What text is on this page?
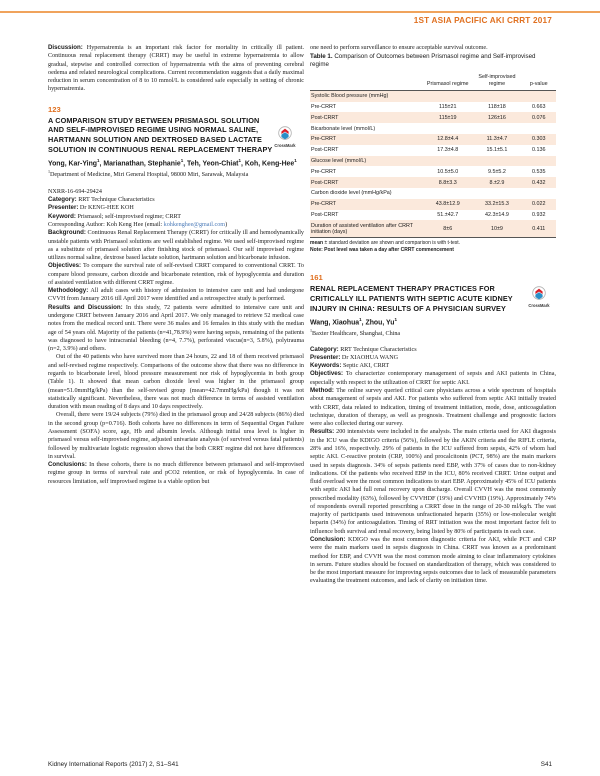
1ST ASIA PACIFIC AKI CRRT 2017

Discussion: Hypernatremia is an important risk factor for mortality in critically ill patient. Continuous renal replacement therapy (CRRT) may be useful in extreme hypernatremia to allow gradual, stepwise and controlled correction of hypernatremia with the aims of preventing cerebral oedema and related neurological complications. Current recommendation suggests that a daily maximal reduction in serum concentration of 8 to 10 mmol/L is considered safe especially in setting of chronic hypernatremia.

123
A COMPARISON STUDY BETWEEN PRISMASOL SOLUTION AND SELF-IMPROVISED REGIME USING NORMAL SALINE, HARTMANN SOLUTION AND DEXTROSED BASED LACTATE SOLUTION IN CONTINUOUS RENAL REPLACEMENT THERAPY CrossMark
Yong, Kar-Ying$^1$, Marianathan, Stephanie$^1$, Teh, Yeon-Chiat$^1$, Koh, Keng-Hee$^1$
$^1$Department of Medicine, Miri General Hospital, 98000 Miri, Sarawak, Malaysia
NXRR-16-694-29424
Category: RRT Technique Characteristics
Presenter: Dr KENG-HEE KOH
Keyword: Prismasol; self-improvised regime; CRRT
Corresponding Author: Koh Keng Hee (email: kohkenghee@gmail.com)

Background: Continuous Renal Replacement Therapy (CRRT) for critically ill and hemodynamically unstable patients with Prismasol solutions are well established regime. We used self-improvised regime as a substitute of prismasol solution after finishing stock of prismasol. Our self improvised regime utilizes normal saline, dextrose based lactate solution, hartmann solution and bicarbonate infusion.

Objectives: To compare the survival rate of self-revised CRRT compared to conventional CRRT. To compare blood pressure, carbon dioxide and bicarbonate retention, risk of hypoglycemia and duration of assisted ventilation with different CRRT regime.

Methodology: All adult cases with history of admission to intensive care unit and had undergone CVVH from January 2016 till April 2017 were identified and a retrospective study is performed.

Results and Discussion: In this study, 72 patients were admitted to intensive care unit and undergone CRRT between January 2016 and April 2017. We only managed to retrieve 52 medical case notes from the medical record unit. There were 36 males and 16 females in this study with the median age of 54 years old. Majority of the patients (n=41,78.9%) were having sepsis, remaining of the patients was diagnosed to have intracranial bleeding (n=4, 7.7%), perforated viscus(n=3, 5.8%), polytrauma (n=2, 3.9%) and others.

Out of the 40 patients who have survived more than 24 hours, 22 and 18 of them received prismasol and self-revised regime respectively. Comparisons of the outcome show that there was no difference in regards to bicarbonate level, blood pressure measurement nor risk of hypoglycemia in both group (Table 1). It showed that mean carbon dioxide level was higher in the prismasol group (mean=51.0mmHg/kPa) than the self-revised group (mean=42.7mmHg/kPa) though it was not statistically significant. Nevertheless, there was not much difference in terms of assisted ventilation duration with mean reading of 8 days and 10 days respectively.

Overall, there were 19/24 subjects (79%) died in the prismasol group and 24/28 subjects (86%) died in the second group (p=0.716). Both cohorts have no differences in term of Sequential Organ Failure Assessment (SOFA) score, age, Hb and albumin levels. Although initial urea level is higher in prismasol versus self-improvised regime, adjusted univariate analysis (of survived versus fatal patients) followed by multivariate logistic regression shows that the both CRRT regime did not have differences in survival.

Conclusions: In these cohorts, there is no much difference between prismasol and self-improvised regime group in terms of survival rate and pCO2 retention, or risk of hypoglycemia. In case of resources limitation, self improvised regime is a viable option but

one need to perform surveillance to ensure acceptable survival outcome.

Table 1. Comparison of Outcomes between Prismasol regime and Self-improvised regime
	Prismasol regime	Self-improvised regime	p-value
Systolic Blood pressure (mmHg)			
Pre-CRRT	115±21	118±18	0.663
Post-CRRT	115±19	126±16	0.076
Bicarbonate level (mmol/L)			
Pre-CRRT	12.8±4.4	11.3±4.7	0.303
Post-CRRT	17.3±4.8	15.1±5.1	0.136
Glucose level (mmol/L)			
Pre-CRRT	10.5±5.0	9.5±5.2	0.535
Post-CRRT	8.8±3.3	8.±2.9	0.432
Carbon dioxide level (mmHg/kPa)			
Pre-CRRT	43.8±12.9	33.2±15.3	0.022
Post-CRRT	51.±42.7	42.3±14.9	0.932
Duration of assisted ventilation after CRRT initiation (days)	8±6	10±9	0.411
mean ± standard deviation are shown and comparison is with t-test.
Note: Post level was taken a day after CRRT commencement
161
RENAL REPLACEMENT THERAPY PRACTICES FOR CRITICALLY ILL PATIENTS WITH SEPTIC ACUTE KIDNEY INJURY IN CHINA: RESULTS OF A PHYSICIAN SURVEY	CrossMark
Wang, Xiaohua$^1$, Zhou, Yu$^1$
$^1$Baxter Healthcare, Shanghai, China
Category: RRT Technique Characteristics
Presenter: Dr XIAOHUA WANG
Keywords: Septic AKI, CRRT

Objectives: To characterize contemporary management of sepsis and AKI patients in China, especially with respect to the utilization of CRRT for septic AKI.

Method: The online survey queried critical care physicians across a wide spectrum of hospitals about management of sepsis and AKI. For patients who suffered from septic AKI initially treated with CRRT, data related to indication, timing of treatment initiation, mode, dose, anticoagulation technique, duration of therapy, as well as prognosis. Treatment challenge and prognostic factors were also collected during our survey.

Results: 200 intensivists were included in the analysis. The main criteria used for AKI diagnosis in the ICU was the KDIGO criteria (56%), followed by the AKIN criteria and the RIFLE criteria, 28% and 16%, respectively. 29% of patients in the ICU suffered from sepsis, 42% of whom had septic AKI. C-reactive protein (CRP, 100%) and procalcitonin (PCT, 98%) are the main markers used in sepsis diagnosis. 34% of sepsis patients need EBP, with 37% of cases due to non-kidney indications. Of the patients who received EBP in the ICU, 80% received CRRT. Urine output and fluid overload were the most common indications to start EBP. Approximately 45% of ICU patients with septic AKI had full renal recovery upon discharge. Overall CVVH was the most commonly prescribed modality (63%), followed by CVVHDF (19%) and CVVHD (19%). Approximately 74% of respondents overall reported prescribing a CRRT dose in the range of 20-30 ml/kg/h. The vast majority of participants used intravenous unfractionated heparin (35%) or low-molecular weight heparin (34%) for anticoagulation. Timing of RRT initiation was the most important factor felt to influence both survival and renal recovery, being listed by 80% of participants in each case.

Conclusion: KDIGO was the most common diagnostic criteria for AKI, while PCT and CRP were the main markers used in sepsis diagnosis in China. CRRT was known as a predominant method for EBP, and CVVH was the most common mode aiming to clear inflammatory cytokines in serum. Future studies should be focused on standardization of therapy, which was considered to be the most important measure for improving sepsis outcomes due to lack of measurable parameters evaluating the treatment outcomes, and lack of clarity on initiation time.

Kidney International Reports (2017) 2, S1–S41	S41
